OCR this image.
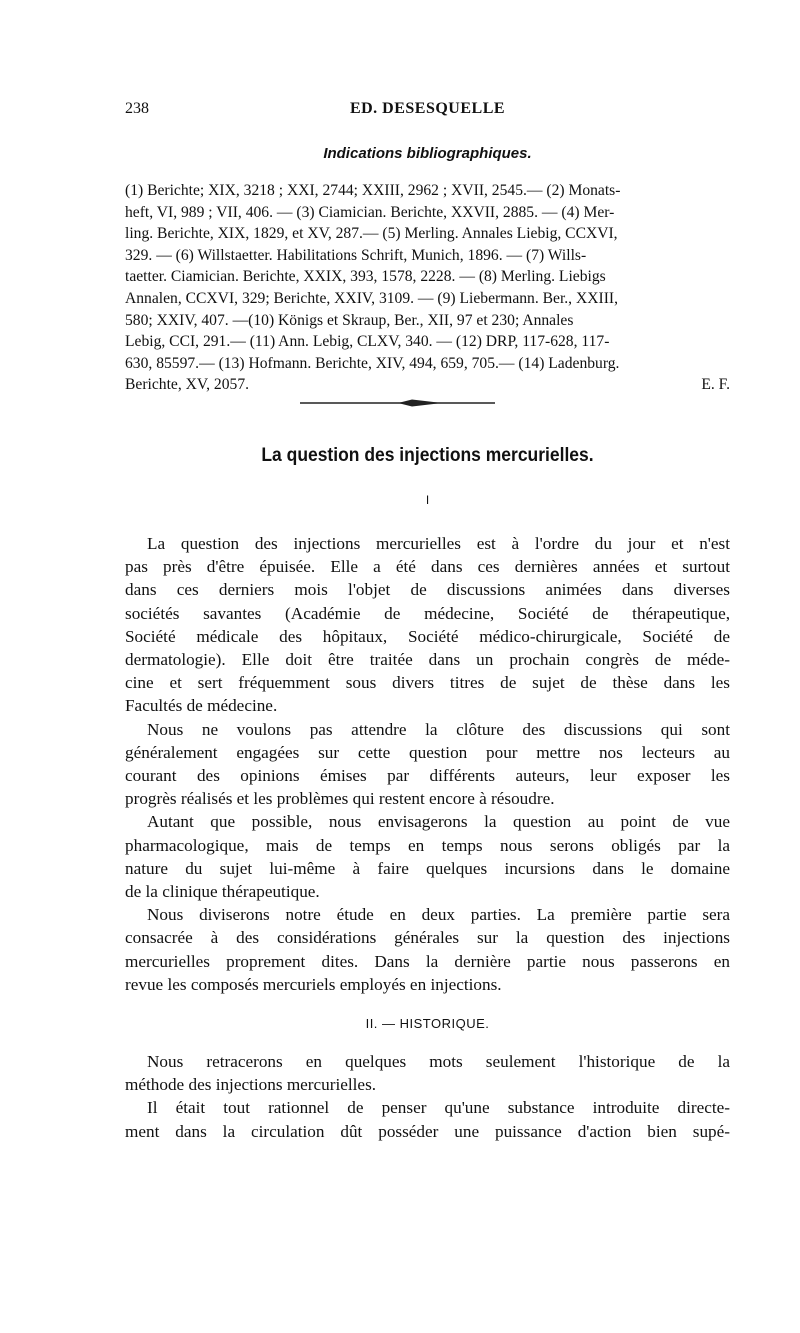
238	ED. DESESQUELLE
Indications bibliographiques.
(1) Berichte; XIX, 3218 ; XXI, 2744; XXIII, 2962 ; XVII, 2545.— (2) Monats-
heft, VI, 989 ; VII, 406. — (3) Ciamician. Berichte, XXVII, 2885. — (4) Mer-
ling. Berichte, XIX, 1829, et XV, 287.— (5) Merling. Annales Liebig, CCXVI,
329. — (6) Willstaetter. Habilitations Schrift, Munich, 1896. — (7) Wills-
taetter. Ciamician. Berichte, XXIX, 393, 1578, 2228. — (8) Merling. Liebigs
Annalen, CCXVI, 329; Berichte, XXIV, 3109. — (9) Liebermann. Ber., XXIII,
580; XXIV, 407. —(10) Königs et Skraup, Ber., XII, 97 et 230; Annales
Lebig, CCI, 291.— (11) Ann. Lebig, CLXV, 340. — (12) DRP, 117-628, 117-
630, 85597.— (13) Hofmann. Berichte, XIV, 494, 659, 705.— (14) Ladenburg.
Berichte, XV, 2057.	E. F.
La question des injections mercurielles.
I
La question des injections mercurielles est à l'ordre du jour et n'est
pas près d'être épuisée. Elle a été dans ces dernières années et surtout
dans ces derniers mois l'objet de discussions animées dans diverses
sociétés savantes (Académie de médecine, Société de thérapeutique,
Société médicale des hôpitaux, Société médico-chirurgicale, Société de
dermatologie). Elle doit être traitée dans un prochain congrès de méde-
cine et sert fréquemment sous divers titres de sujet de thèse dans les
Facultés de médecine.
Nous ne voulons pas attendre la clôture des discussions qui sont
généralement engagées sur cette question pour mettre nos lecteurs au
courant des opinions émises par différents auteurs, leur exposer les
progrès réalisés et les problèmes qui restent encore à résoudre.
Autant que possible, nous envisagerons la question au point de vue
pharmacologique, mais de temps en temps nous serons obligés par la
nature du sujet lui-même à faire quelques incursions dans le domaine
de la clinique thérapeutique.
Nous diviserons notre étude en deux parties. La première partie sera
consacrée à des considérations générales sur la question des injections
mercurielles proprement dites. Dans la dernière partie nous passerons en
revue les composés mercuriels employés en injections.
II. — HISTORIQUE.
Nous retracerons en quelques mots seulement l'historique de la
méthode des injections mercurielles.
Il était tout rationnel de penser qu'une substance introduite directe-
ment dans la circulation dût posséder une puissance d'action bien supé-
